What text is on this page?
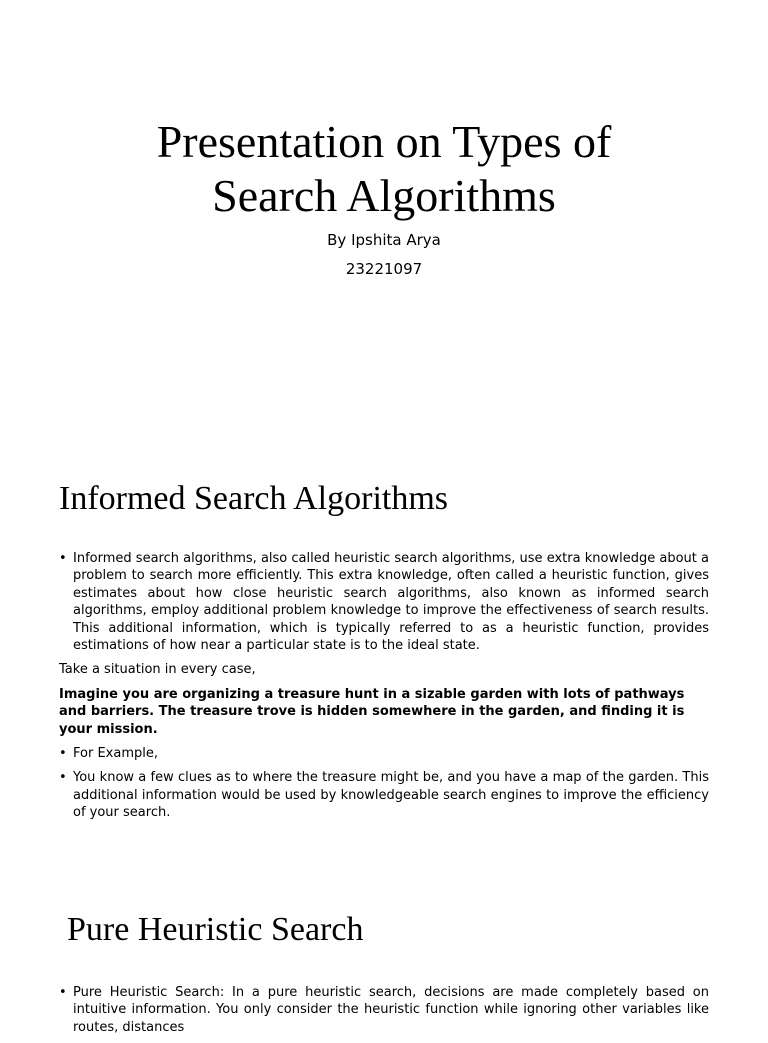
Presentation on Types of
Search Algorithms

By Ipshita Arya

23221097

Informed Search Algorithms

• Informed search algorithms, also called heuristic search algorithms, use extra knowledge about a problem to search more efficiently. This extra knowledge, often called a heuristic function, gives estimates about how close heuristic search algorithms, also known as informed search algorithms, employ additional problem knowledge to improve the effectiveness of search results. This additional information, which is typically referred to as a heuristic function, provides estimations of how near a particular state is to the ideal state.

Take a situation in every case,

Imagine you are organizing a treasure hunt in a sizable garden with lots of pathways and barriers. The treasure trove is hidden somewhere in the garden, and finding it is your mission.

• For Example,

• You know a few clues as to where the treasure might be, and you have a map of the garden. This additional information would be used by knowledgeable search engines to improve the efficiency of your search.

Pure Heuristic Search

• Pure Heuristic Search: In a pure heuristic search, decisions are made completely based on intuitive information. You only consider the heuristic function while ignoring other variables like routes, distances
